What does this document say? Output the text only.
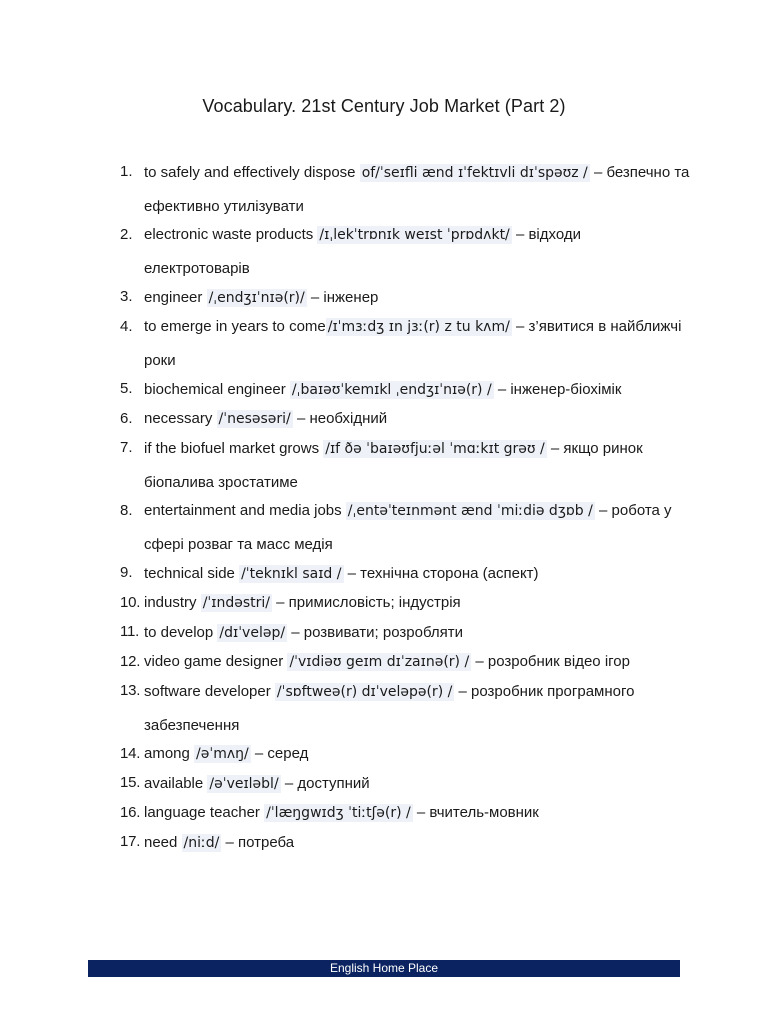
Vocabulary. 21st Century Job Market (Part 2)
1. to safely and effectively dispose of/ˈseɪfli ænd ɪˈfektɪvli dɪˈspəʊz / – безпечно та ефективно утилізувати
2. electronic waste products /ɪˌlekˈtrɒnɪk weɪst ˈprɒdʌkt/ – відходи електротоварів
3. engineer /ˌendʒɪˈnɪə(r)/ – інженер
4. to emerge in years to come /ɪˈmɜːdʒ ɪn jɜː(r) z tu kʌm/ – з’явитися в найближчі роки
5. biochemical engineer /ˌbaɪəʊˈkemɪkl ˌendʒɪˈnɪə(r) / – інженер-біохімік
6. necessary /ˈnesəsəri/ – необхідний
7. if the biofuel market grows /ɪf ðə ˈbaɪəʊfjuːəl ˈmɑːkɪt grəʊ / – якщо ринок біопалива зростатиме
8. entertainment and media jobs /ˌentəˈteɪnmənt ænd ˈmiːdiə dʒɒb / – робота у сфері розваг та масс медія
9. technical side /ˈteknɪkl saɪd / – технічна сторона (аспект)
10. industry /ˈɪndəstri/ – примисловість; індустрія
11. to develop /dɪˈveləp/ – розвивати; розробляти
12. video game designer /ˈvɪdiəʊ geɪm dɪˈzaɪnə(r) / – розробник відео ігор
13. software developer /ˈsɒftweə(r) dɪˈveləpə(r) / – розробник програмного забезпечення
14. among /əˈmʌŋ/ – серед
15. available /əˈveɪləbl/ – доступний
16. language teacher /ˈlæŋgwɪdʒ ˈtiːtʃə(r) / – вчитель-мовник
17. need /niːd/ – потреба
English Home Place
